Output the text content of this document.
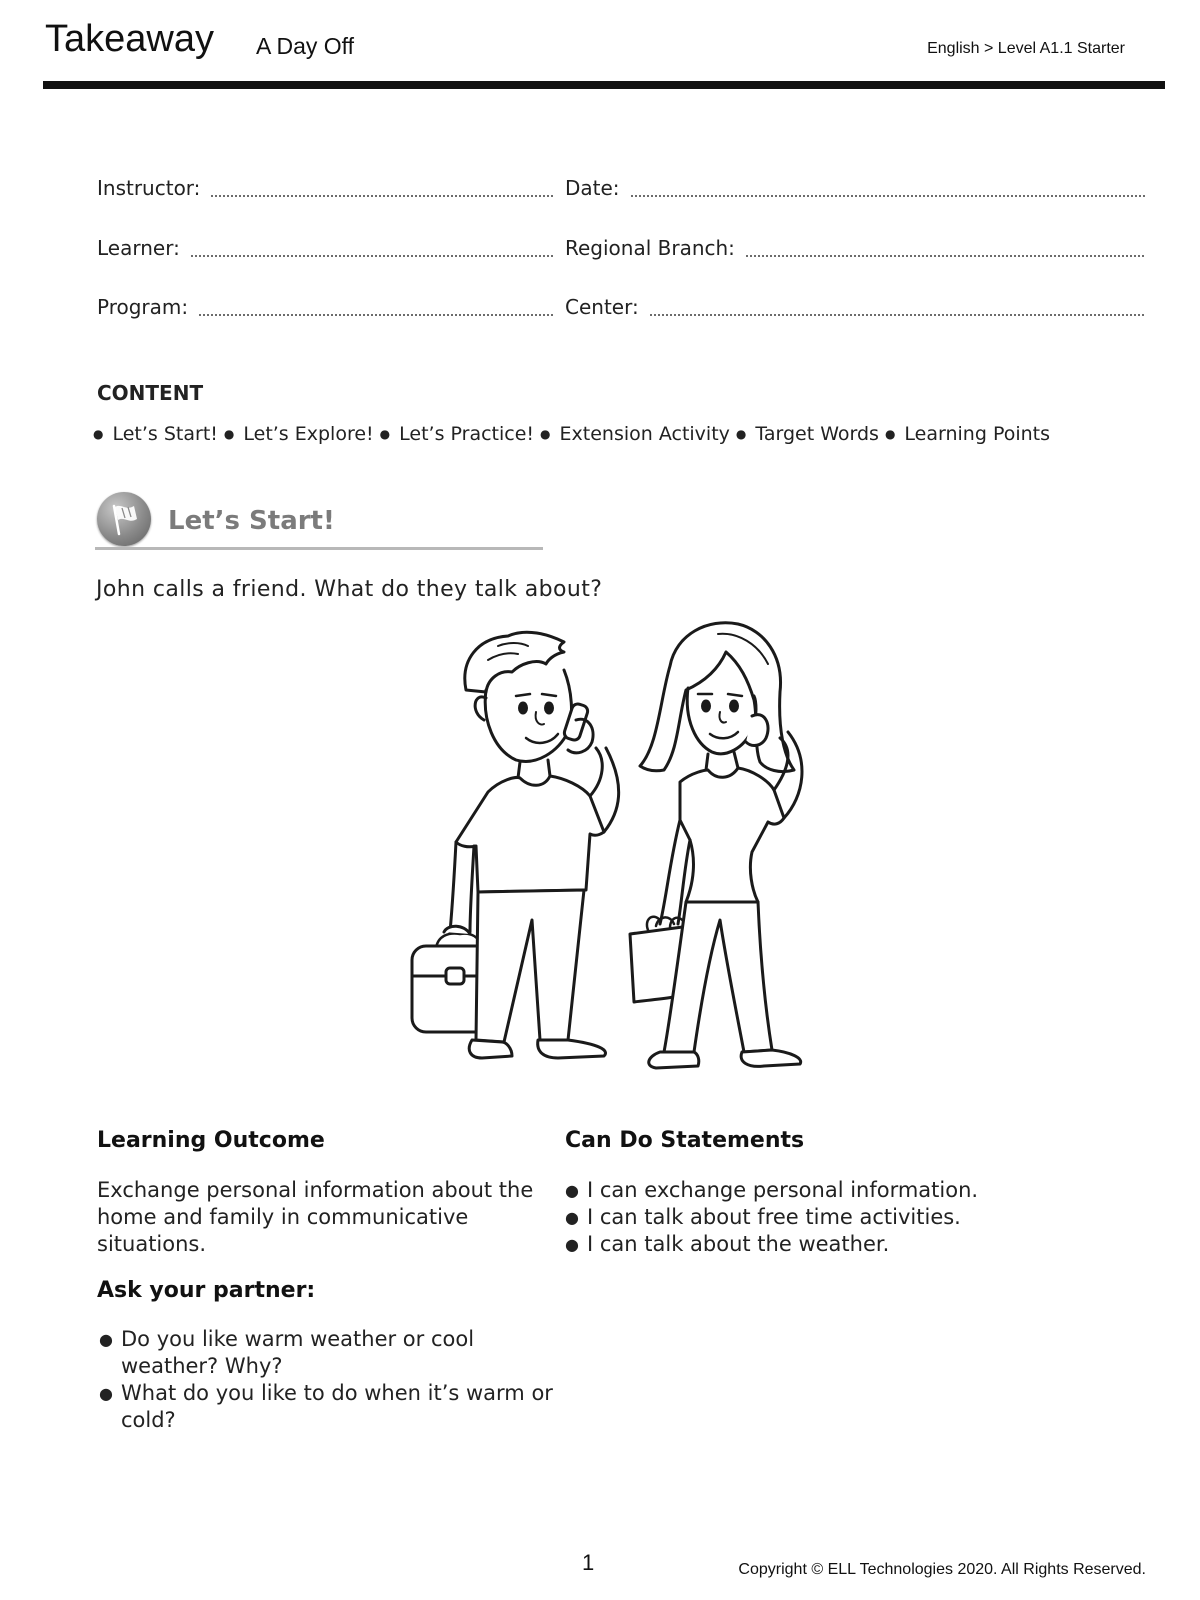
Takeaway A Day Off	English > Level A1.1 Starter
Instructor:	Date:
Learner:	Regional Branch:
Program:	Center:
CONTENT
● Let’s Start! ● Let’s Explore! ● Let’s Practice! ● Extension Activity ● Target Words ● Learning Points
Let’s Start!
John calls a friend. What do they talk about?
Learning Outcome
Exchange personal information about the home and family in communicative situations.
Can Do Statements
● I can exchange personal information.
● I can talk about free time activities.
● I can talk about the weather.
Ask your partner:
● Do you like warm weather or cool weather? Why?
● What do you like to do when it’s warm or cold?
1	Copyright © ELL Technologies 2020. All Rights Reserved.
